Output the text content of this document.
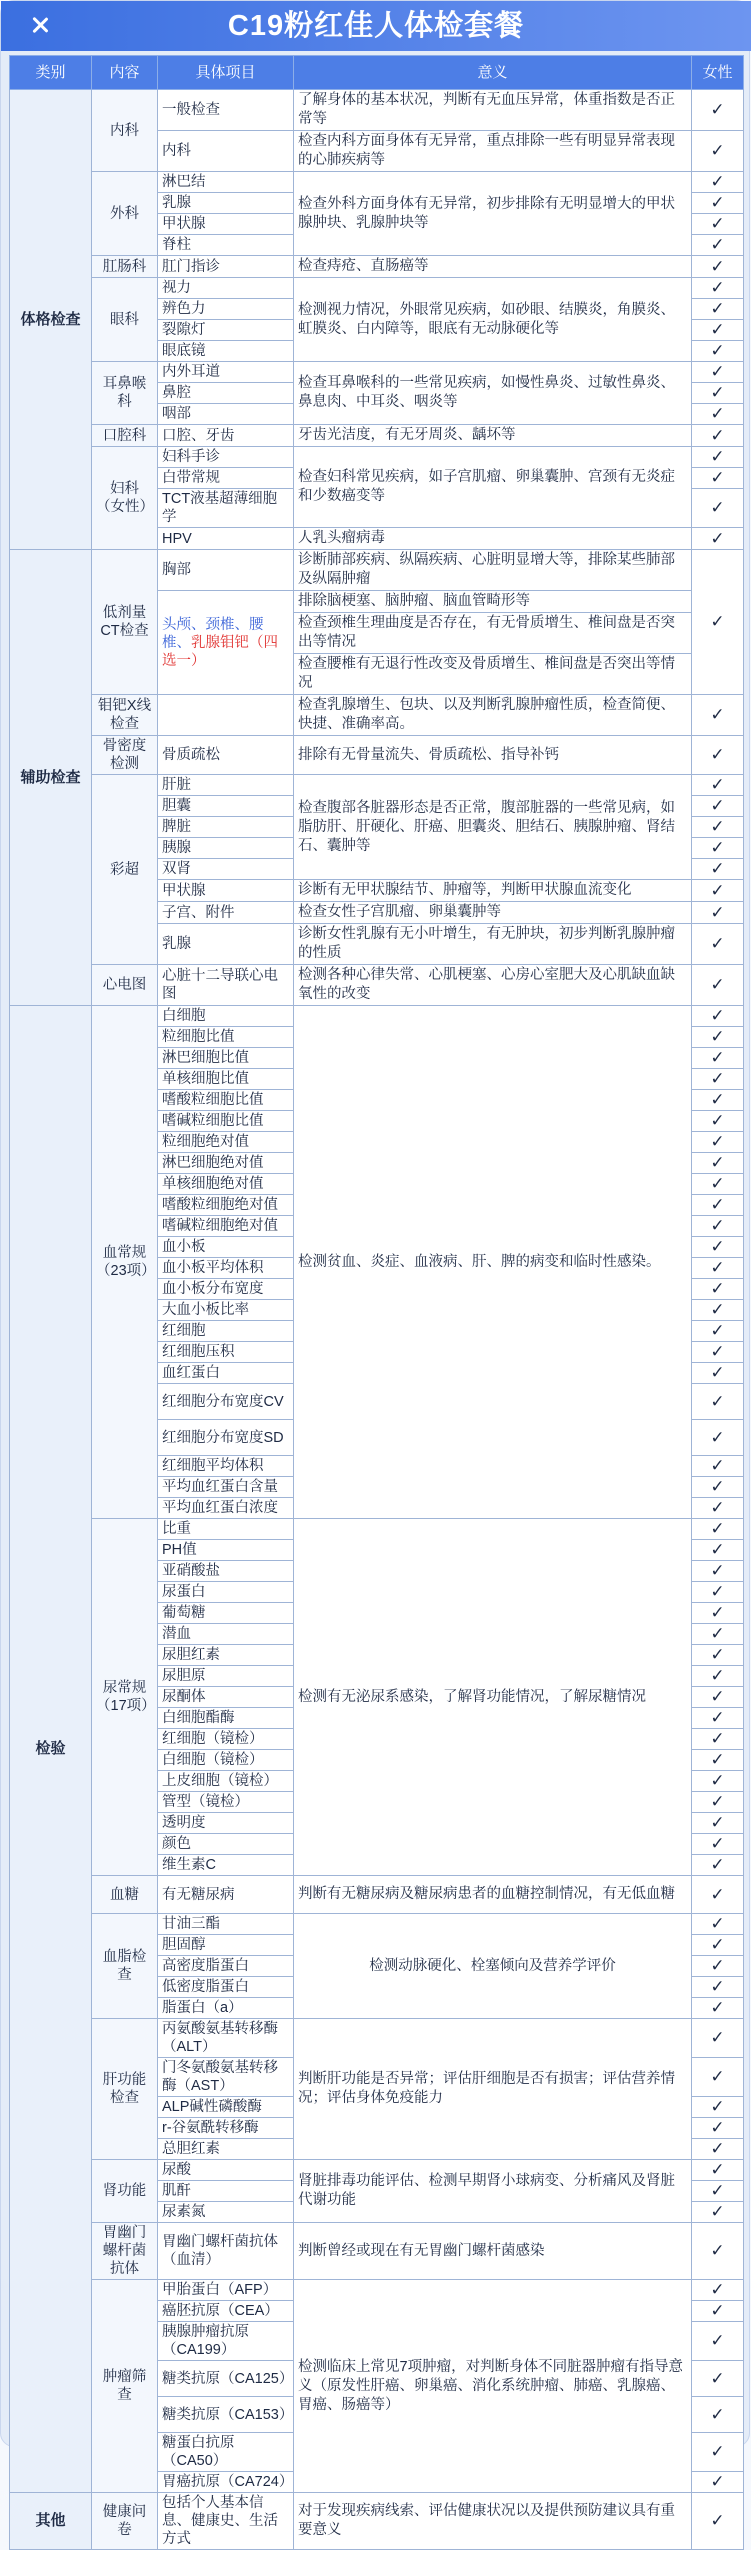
C19粉红佳人体检套餐
类别	内容	具体项目	意义	女性
体格检查	内科	一般检查	了解身体的基本状况，判断有无血压异常，体重指数是否正常等	✓
		内科	检查内科方面身体有无异常，重点排除一些有明显异常表现的心肺疾病等	✓
	外科	淋巴结	检查外科方面身体有无异常，初步排除有无明显增大的甲状腺肿块、乳腺肿块等	✓
		乳腺		✓
		甲状腺		✓
		脊柱		✓
	肛肠科	肛门指诊	检查痔疮、直肠癌等	✓
	眼科	视力	检测视力情况，外眼常见疾病，如砂眼、结膜炎，角膜炎、虹膜炎、白内障等，眼底有无动脉硬化等	✓
		辨色力		✓
		裂隙灯		✓
		眼底镜		✓
	耳鼻喉科	内外耳道	检查耳鼻喉科的一些常见疾病，如慢性鼻炎、过敏性鼻炎、鼻息肉、中耳炎、咽炎等	✓
		鼻腔		✓
		咽部		✓
	口腔科	口腔、牙齿	牙齿光洁度，有无牙周炎、龋坏等	✓
	妇科（女性）	妇科手诊	检查妇科常见疾病，如子宫肌瘤、卵巢囊肿、宫颈有无炎症和少数癌变等	✓
		白带常规		✓
		TCT液基超薄细胞学		✓
		HPV	人乳头瘤病毒	✓
辅助检查	低剂量CT检查	胸部	诊断肺部疾病、纵隔疾病、心脏明显增大等，排除某些肺部及纵隔肿瘤	✓
		头颅、颈椎、腰椎、乳腺钼钯（四选一）	排除脑梗塞、脑肿瘤、脑血管畸形等	
			检查颈椎生理曲度是否存在，有无骨质增生、椎间盘是否突出等情况	
			检查腰椎有无退行性改变及骨质增生、椎间盘是否突出等情况	
	钼钯X线检查		检查乳腺增生、包块、以及判断乳腺肿瘤性质，检查简便、快捷、准确率高。	✓
	骨密度检测	骨质疏松	排除有无骨量流失、骨质疏松、指导补钙	✓
	彩超	肝脏	检查腹部各脏器形态是否正常，腹部脏器的一些常见病，如脂肪肝、肝硬化、肝癌、胆囊炎、胆结石、胰腺肿瘤、肾结石、囊肿等	✓
		胆囊		✓
		脾脏		✓
		胰腺		✓
		双肾		✓
		甲状腺	诊断有无甲状腺结节、肿瘤等，判断甲状腺血流变化	✓
		子宫、附件	检查女性子宫肌瘤、卵巢囊肿等	✓
		乳腺	诊断女性乳腺有无小叶增生，有无肿块，初步判断乳腺肿瘤的性质	✓
	心电图	心脏十二导联心电图	检测各种心律失常、心肌梗塞、心房心室肥大及心肌缺血缺氧性的改变	✓
检验	血常规（23项）	白细胞	检测贫血、炎症、血液病、肝、脾的病变和临时性感染。	✓
		粒细胞比值		✓
		淋巴细胞比值		✓
		单核细胞比值		✓
		嗜酸粒细胞比值		✓
		嗜碱粒细胞比值		✓
		粒细胞绝对值		✓
		淋巴细胞绝对值		✓
		单核细胞绝对值		✓
		嗜酸粒细胞绝对值		✓
		嗜碱粒细胞绝对值		✓
		血小板		✓
		血小板平均体积		✓
		血小板分布宽度		✓
		大血小板比率		✓
		红细胞		✓
		红细胞压积		✓
		血红蛋白		✓
		红细胞分布宽度CV		✓
		红细胞分布宽度SD		✓
		红细胞平均体积		✓
		平均血红蛋白含量		✓
		平均血红蛋白浓度		✓
	尿常规（17项）	比重	检测有无泌尿系感染，了解肾功能情况，了解尿糖情况	✓
		PH值		✓
		亚硝酸盐		✓
		尿蛋白		✓
		葡萄糖		✓
		潜血		✓
		尿胆红素		✓
		尿胆原		✓
		尿酮体		✓
		白细胞酯酶		✓
		红细胞（镜检）		✓
		白细胞（镜检）		✓
		上皮细胞（镜检）		✓
		管型（镜检）		✓
		透明度		✓
		颜色		✓
		维生素C		✓
	血糖	有无糖尿病	判断有无糖尿病及糖尿病患者的血糖控制情况，有无低血糖	✓
	血脂检查	甘油三酯	检测动脉硬化、栓塞倾向及营养学评价	✓
		胆固醇		✓
		高密度脂蛋白		✓
		低密度脂蛋白		✓
		脂蛋白（a）		✓
	肝功能检查	丙氨酸氨基转移酶（ALT）	判断肝功能是否异常；评估肝细胞是否有损害；评估营养情况；评估身体免疫能力	✓
		门冬氨酸氨基转移酶（AST）		✓
		ALP碱性磷酸酶		✓
		r-谷氨酰转移酶		✓
		总胆红素		✓
	肾功能	尿酸	肾脏排毒功能评估、检测早期肾小球病变、分析痛风及肾脏代谢功能	✓
		肌酐		✓
		尿素氮		✓
	胃幽门螺杆菌抗体	胃幽门螺杆菌抗体（血清）	判断曾经或现在有无胃幽门螺杆菌感染	✓
	肿瘤筛查	甲胎蛋白（AFP）	检测临床上常见7项肿瘤，对判断身体不同脏器肿瘤有指导意义（原发性肝癌、卵巢癌、消化系统肿瘤、肺癌、乳腺癌、胃癌、肠癌等）	✓
		癌胚抗原（CEA）		✓
		胰腺肿瘤抗原（CA199）		✓
		糖类抗原（CA125）		✓
		糖类抗原（CA153）		✓
		糖蛋白抗原（CA50）		✓
		胃癌抗原（CA724）		✓
其他	健康问卷	包括个人基本信息、健康史、生活方式	对于发现疾病线索、评估健康状况以及提供预防建议具有重要意义	✓
